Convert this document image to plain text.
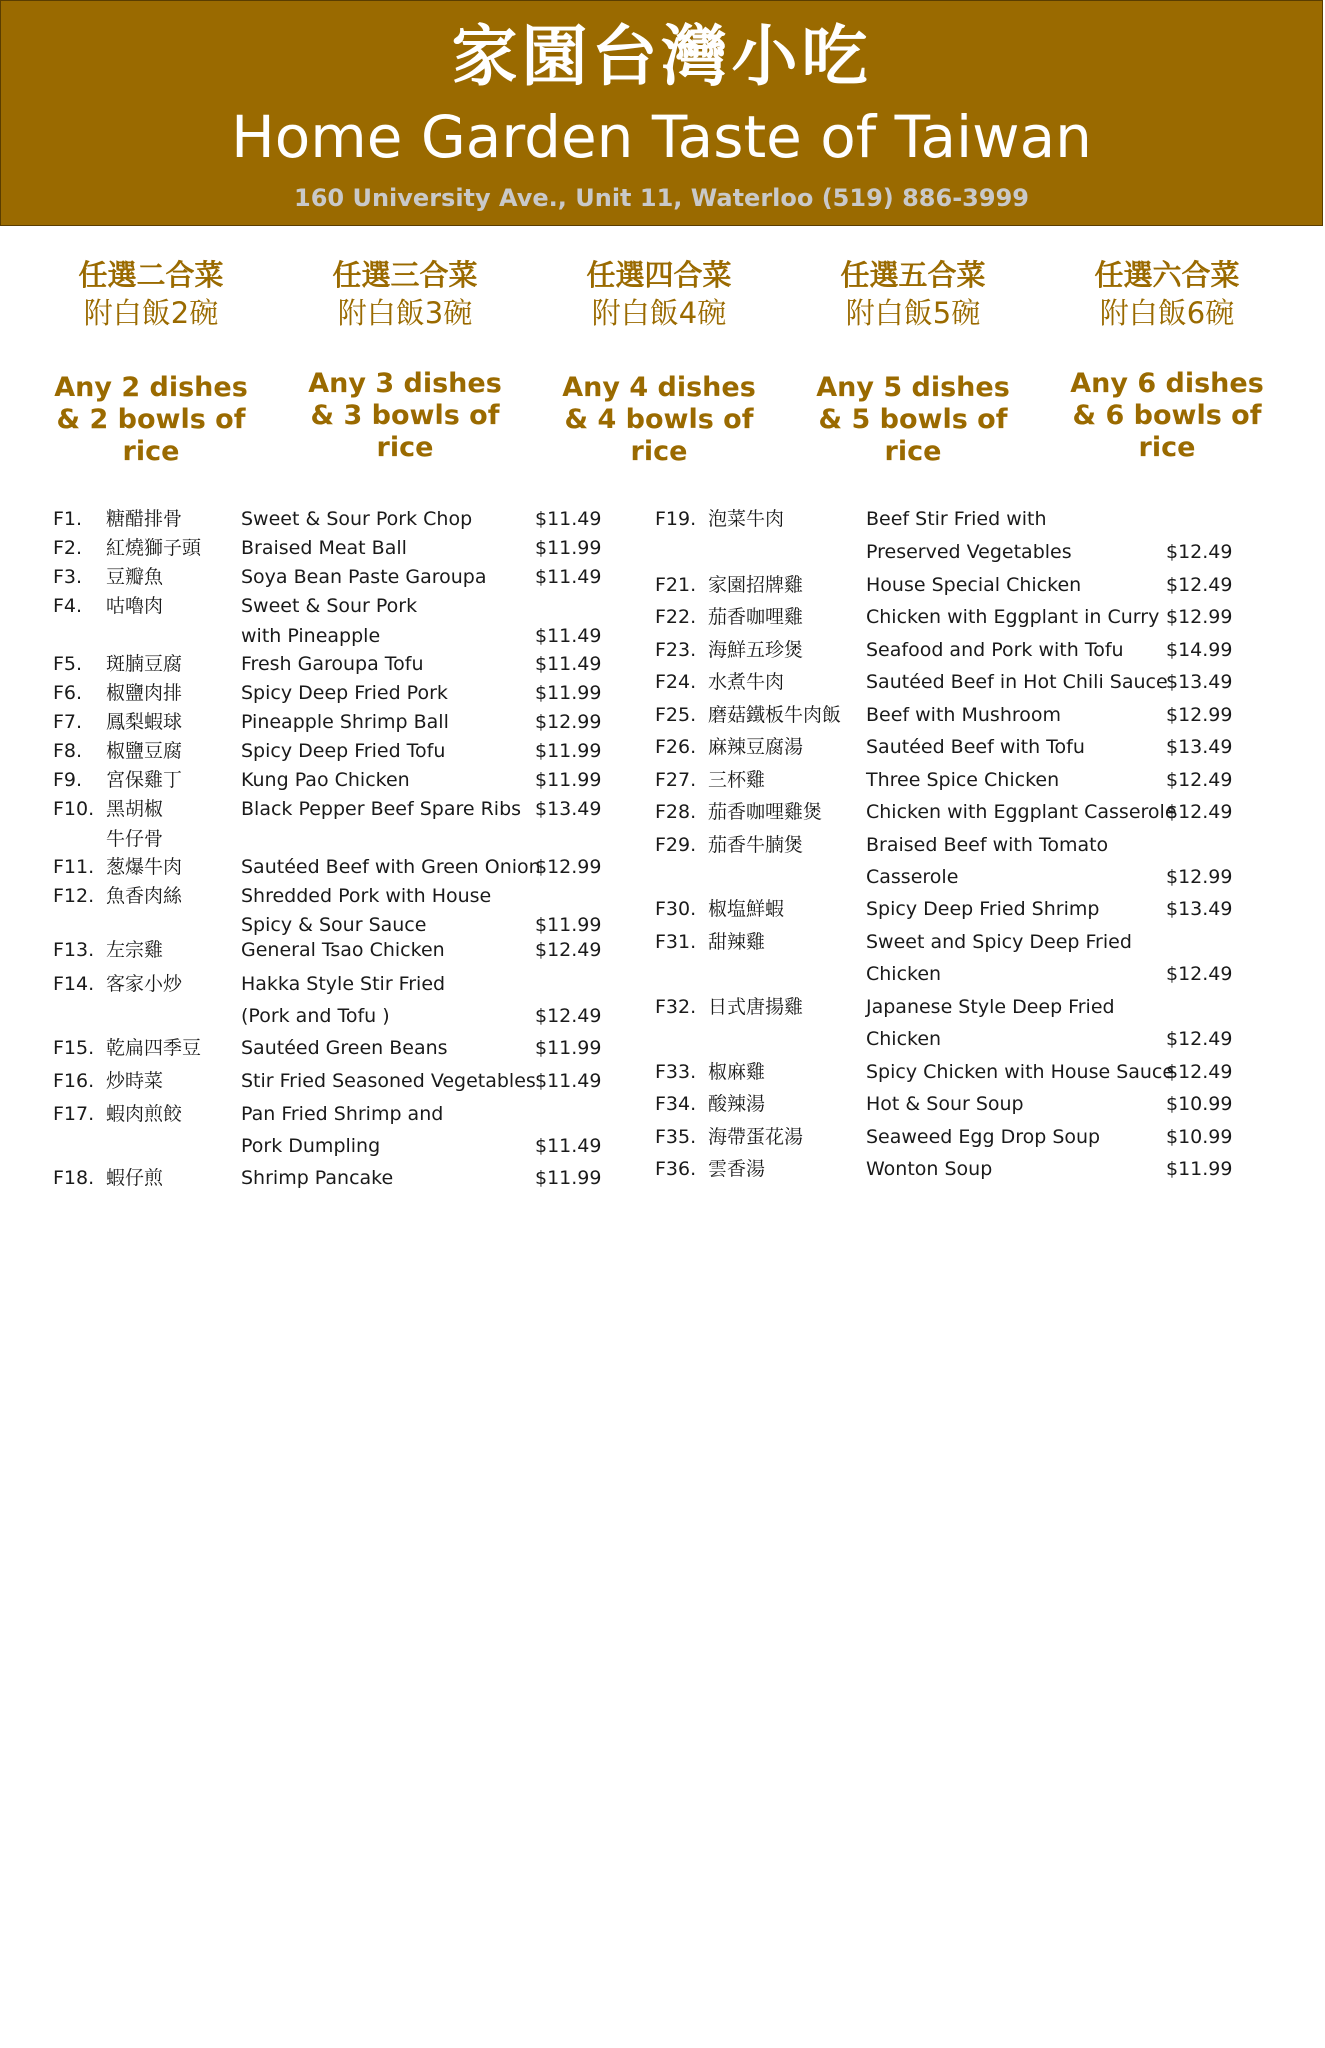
家園台灣小吃
Home Garden Taste of Taiwan
160 University Ave., Unit 11, Waterloo (519) 886-3999
任選二合菜
附白飯2碗
Any 2 dishes
& 2 bowls of rice
任選三合菜
附白飯3碗
Any 3 dishes
& 3 bowls of rice
任選四合菜
附白飯4碗
Any 4 dishes
& 4 bowls of rice
任選五合菜
附白飯5碗
Any 5 dishes
& 5 bowls of rice
任選六合菜
附白飯6碗
Any 6 dishes
& 6 bowls of rice
F1. 糖醋排骨	Sweet & Sour Pork Chop	$11.49
F2. 紅燒獅子頭 Braised Meat Ball	$11.99
F3. 豆瓣魚	Soya Bean Paste Garoupa	$11.49
F4. 咕嚕肉	Sweet & Sour Pork
with Pineapple	$11.49
F5. 斑腩豆腐	Fresh Garoupa Tofu	$11.49
F6. 椒鹽肉排	Spicy Deep Fried Pork	$11.99
F7. 鳳梨蝦球	Pineapple Shrimp Ball	$12.99
F8. 椒鹽豆腐	Spicy Deep Fried Tofu	$11.99
F9. 宮保雞丁	Kung Pao Chicken	$11.99
F10. 黑胡椒
牛仔骨
Black Pepper Beef Spare Ribs $13.49
F11. 葱爆牛肉	Sautéed Beef with Green Onion
$12.99
F12. 魚香肉絲	Shredded Pork with House
Spicy & Sour Sauce	$11.99
F13. 左宗雞	General Tsao Chicken	$12.49
F14. 客家小炒	Hakka Style Stir Fried
(Pork and Tofu )	$12.49
F15. 乾扁四季豆 Sautéed Green Beans	$11.99
F16. 炒時菜	Stir Fried Seasoned Vegetables $11.49
F17. 蝦肉煎餃	Pan Fried Shrimp and
Pork Dumpling	$11.49
F18. 蝦仔煎	Shrimp Pancake	$11.99
F19. 泡菜牛肉	Beef Stir Fried with
Preserved Vegetables	$12.49
F21. 家園招牌雞	House Special Chicken	$12.49
F22. 茄香咖哩雞	Chicken with Eggplant in Curry $12.99
F23. 海鮮五珍煲	Seafood and Pork with Tofu $14.99
F24. 水煮牛肉	Sautéed Beef in Hot Chili Sauce
$13.49
F25. 磨菇鐵板牛肉飯 Beef with Mushroom	$12.99
F26. 麻辣豆腐湯	Sautéed Beef with Tofu	$13.49
F27. 三杯雞	Three Spice Chicken	$12.49
F28. 茄香咖哩雞煲 Chicken with Eggplant Casserole
$12.49
F29. 茄香牛腩煲	Braised Beef with Tomato
Casserole	$12.99
F30. 椒塩鮮蝦	Spicy Deep Fried Shrimp	$13.49
F31. 甜辣雞	Sweet and Spicy Deep Fried
Chicken	$12.49
F32. 日式唐揚雞	Japanese Style Deep Fried
Chicken	$12.49
F33. 椒麻雞	Spicy Chicken with House Sauce
$12.49
F34. 酸辣湯	Hot & Sour Soup	$10.99
F35. 海帶蛋花湯	Seaweed Egg Drop Soup	$10.99
F36. 雲香湯	Wonton Soup	$11.99
